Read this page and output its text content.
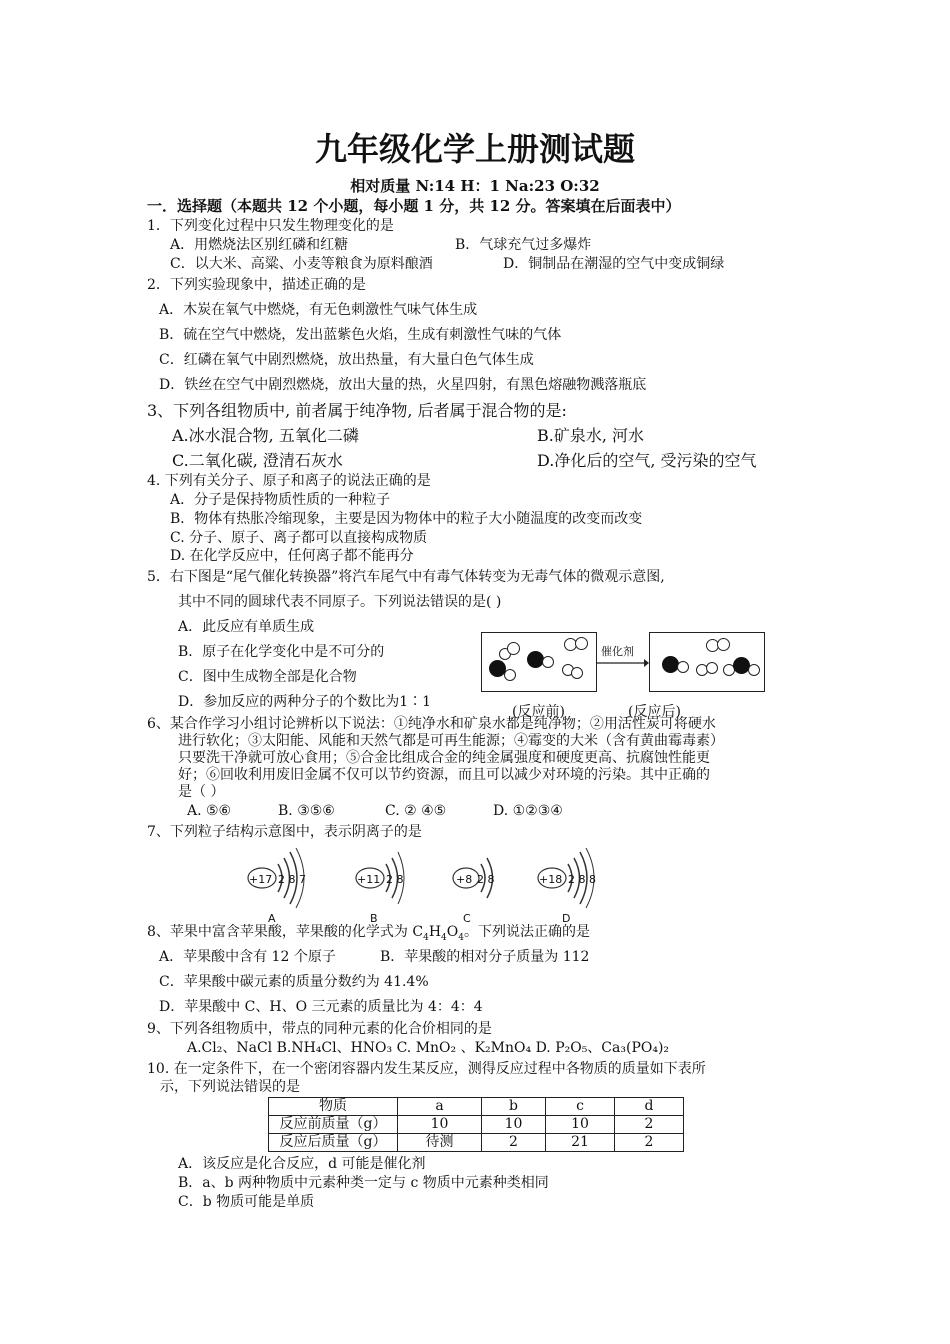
九年级化学上册测试题
相对质量 N:14 H：1 Na:23 O:32
一．选择题（本题共 12 个小题，每小题 1 分，共 12 分。答案填在后面表中）
1．下列变化过程中只发生物理变化的是
A．用燃烧法区别红磷和红糖	B．气球充气过多爆炸
C．以大米、高粱、小麦等粮食为原料酿酒	D．铜制品在潮湿的空气中变成铜绿
2．下列实验现象中，描述正确的是
A．木炭在氧气中燃烧，有无色刺激性气味气体生成
B．硫在空气中燃烧，发出蓝紫色火焰，生成有刺激性气味的气体
C．红磷在氧气中剧烈燃烧，放出热量，有大量白色气体生成
D．铁丝在空气中剧烈燃烧，放出大量的热，火星四射，有黑色熔融物溅落瓶底
3、下列各组物质中, 前者属于纯净物, 后者属于混合物的是:
A.冰水混合物, 五氧化二磷	B.矿泉水, 河水
C.二氧化碳, 澄清石灰水	D.净化后的空气, 受污染的空气
4. 下列有关分子、原子和离子的说法正确的是
A．分子是保持物质性质的一种粒子
B．物体有热胀冷缩现象，主要是因为物体中的粒子大小随温度的改变而改变
C. 分子、原子、离子都可以直接构成物质
D. 在化学反应中，任何离子都不能再分
5．右下图是“尾气催化转换器”将汽车尾气中有毒气体转变为无毒气体的微观示意图,
其中不同的圆球代表不同原子。下列说法错误的是( )
A．此反应有单质生成
B．原子在化学变化中是不可分的
C．图中生成物全部是化合物
D．参加反应的两种分子的个数比为1∶1
催化剂
(反应前)	(反应后)
6、某合作学习小组讨论辨析以下说法：①纯净水和矿泉水都是纯净物；②用活性炭可将硬水
进行软化；③太阳能、风能和天然气都是可再生能源；④霉变的大米（含有黄曲霉毒素）
只要洗干净就可放心食用；⑤合金比组成合金的纯金属强度和硬度更高、抗腐蚀性能更
好；⑥回收利用废旧金属不仅可以节约资源，而且可以减少对环境的污染。其中正确的
是（ ）
A. ⑤⑥	B. ③⑤⑥	C. ② ④⑤	D. ①②③④
7、下列粒子结构示意图中，表示阴离子的是
+17 2 8 7
A
+11 2 8
B
+8 2 8
C
+18 2 8 8
D
8、苹果中富含苹果酸，苹果酸的化学式为 $C_4H_4O_4$。下列说法正确的是
A．苹果酸中含有 12 个原子	B．苹果酸的相对分子质量为 112
C．苹果酸中碳元素的质量分数约为 41.4%
D．苹果酸中 C、H、O 三元素的质量比为 4：4：4
9、下列各组物质中，带点的同种元素的化合价相同的是
A.Cl₂、NaCl B.NH₄Cl、HNO₃ C. MnO₂ 、K₂MnO₄ D. P₂O₅、Ca₃(PO₄)₂
10. 在一定条件下，在一个密闭容器内发生某反应，测得反应过程中各物质的质量如下表所
示，下列说法错误的是
物质	a	b	c	d
反应前质量（g）	10	10	10	2
反应后质量（g）	待测	2	21	2
A．该反应是化合反应，d 可能是催化剂
B．a、b 两种物质中元素种类一定与 c 物质中元素种类相同
C．b 物质可能是单质
